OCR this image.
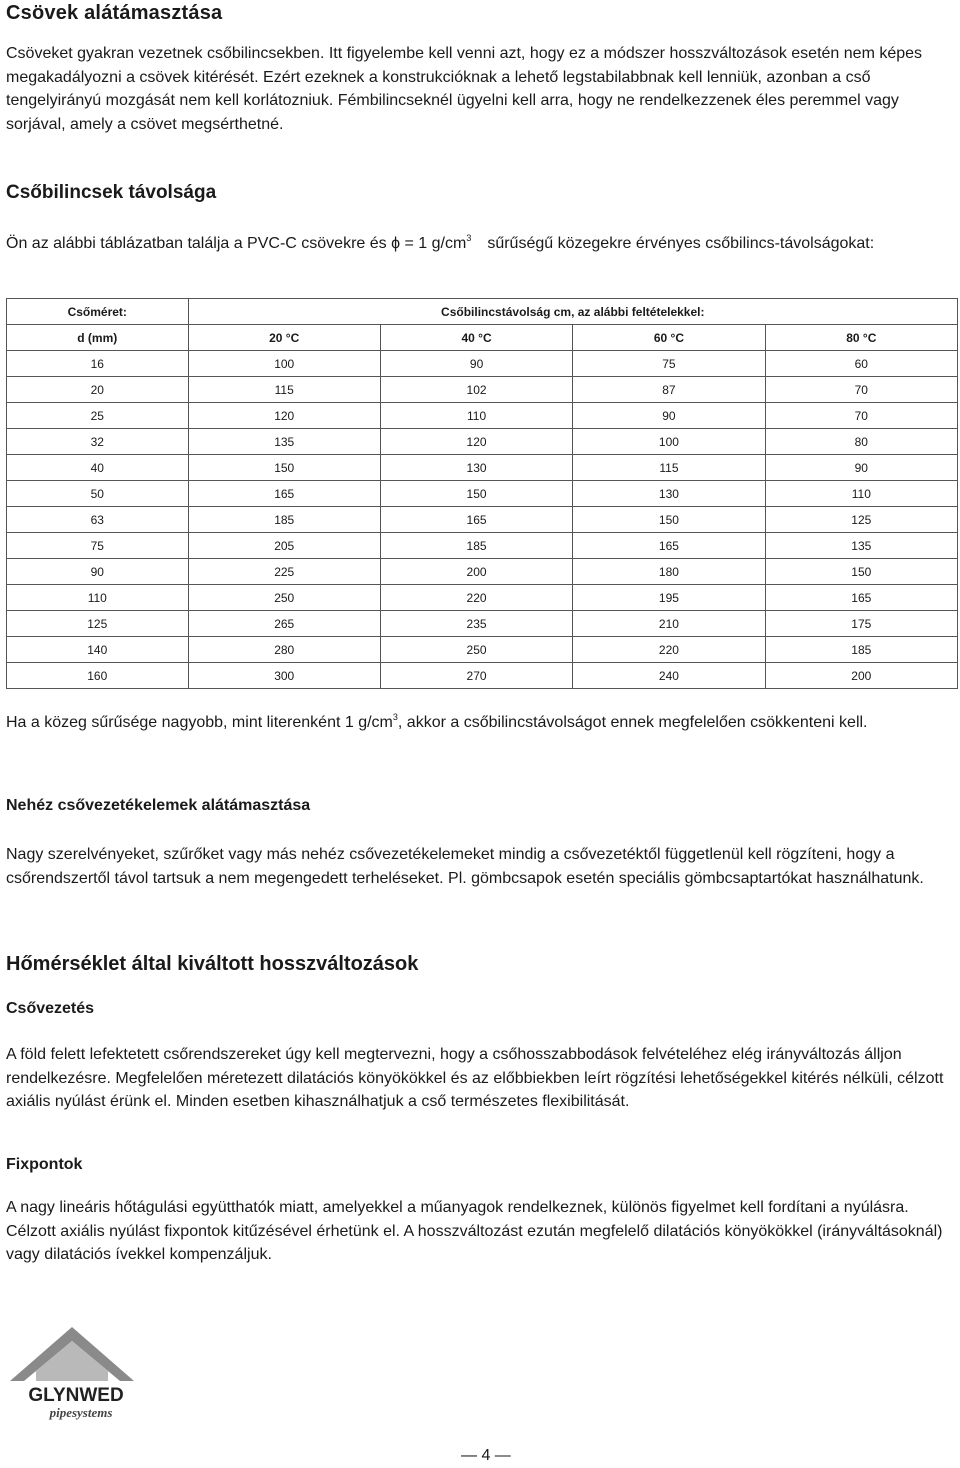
Csövek alátámasztása

Csöveket gyakran vezetnek csőbilincsekben. Itt figyelembe kell venni azt, hogy ez a módszer hosszváltozások esetén nem képes megakadályozni a csövek kitérését. Ezért ezeknek a konstrukcióknak a lehető legstabilabbnak kell lenniük, azonban a cső tengelyirányú mozgását nem kell korlátozniuk. Fémbilincseknél ügyelni kell arra, hogy ne rendelkezzenek éles peremmel vagy sorjával, amely a csövet megsérthetné.

Csőbilincsek távolsága

Ön az alábbi táblázatban találja a PVC-C csövekre és ϕ = 1 $g/cm^3$ sűrűségű közegekre érvényes csőbilincs-távolságokat:

Csőméret:	Csőbilincstávolság cm, az alábbi feltételekkel:			
d (mm)	20 °C	40 °C	60 °C	80 °C
16	100	90	75	60
20	115	102	87	70
25	120	110	90	70
32	135	120	100	80
40	150	130	115	90
50	165	150	130	110
63	185	165	150	125
75	205	185	165	135
90	225	200	180	150
110	250	220	195	165
125	265	235	210	175
140	280	250	220	185
160	300	270	240	200

Ha a közeg sűrűsége nagyobb, mint literenként 1 $g/cm^3$, akkor a csőbilincstávolságot ennek megfelelően csökkenteni kell.

Nehéz csővezetékelemek alátámasztása

Nagy szerelvényeket, szűrőket vagy más nehéz csővezetékelemeket mindig a csővezetéktől függetlenül kell rögzíteni, hogy a csőrendszertől távol tartsuk a nem megengedett terheléseket. Pl. gömbcsapok esetén speciális gömbcsaptartókat használhatunk.

Hőmérséklet által kiváltott hosszváltozások
Csővezetés

A föld felett lefektetett csőrendszereket úgy kell megtervezni, hogy a csőhosszabbodások felvételéhez elég irányváltozás álljon rendelkezésre. Megfelelően méretezett dilatációs könyökökkel és az előbbiekben leírt rögzítési lehetőségekkel kitérés nélküli, célzott axiális nyúlást érünk el. Minden esetben kihasználhatjuk a cső természetes flexibilitását.

Fixpontok

A nagy lineáris hőtágulási együtthatók miatt, amelyekkel a műanyagok rendelkeznek, különös figyelmet kell fordítani a nyúlásra. Célzott axiális nyúlást fixpontok kitűzésével érhetünk el. A hosszváltozást ezután megfelelő dilatációs könyökökkel (irányváltásoknál) vagy dilatációs ívekkel kompenzáljuk.

GLYNWED
pipesystems
— 4 —
